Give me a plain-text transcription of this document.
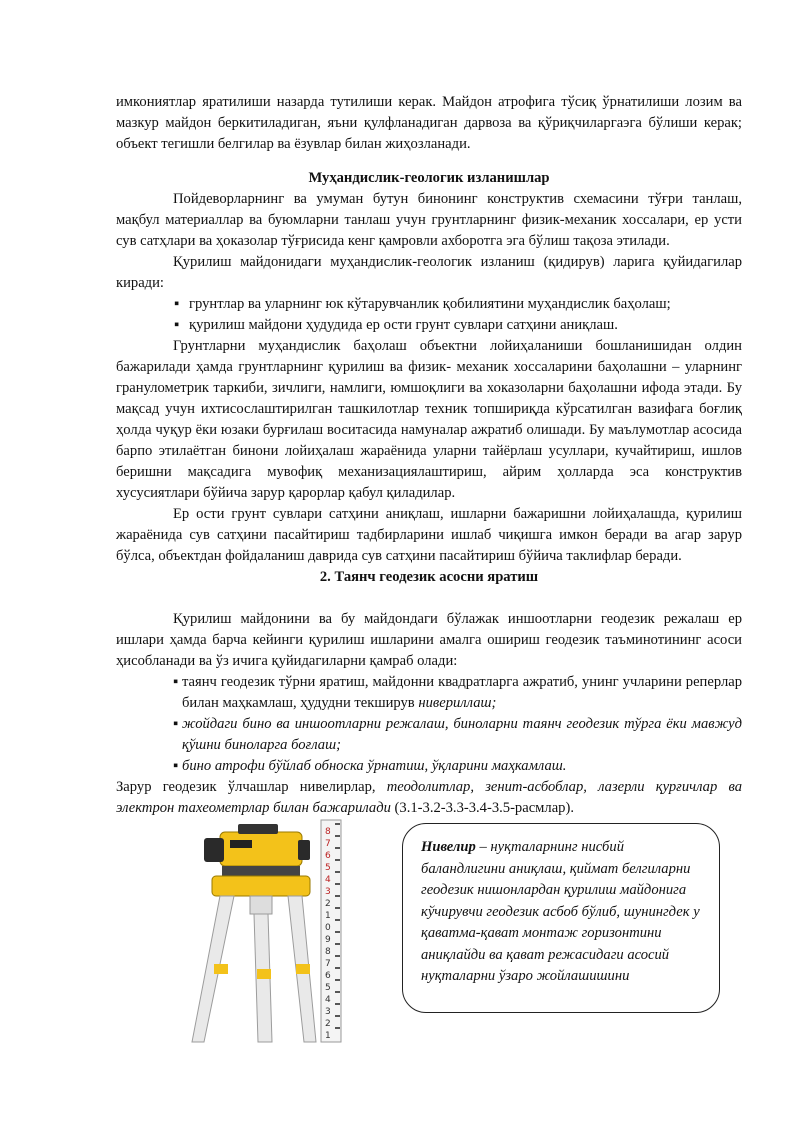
имкониятлар яратилиши назарда тутилиши керак. Майдон атрофига тўсиқ ўрнатилиши лозим ва мазкур майдон беркитиладиган, яъни қулфланадиган дарвоза ва қўриқчиларгаэга бўлиши керак; объект тегишли белгилар ва ёзувлар билан жиҳозланади.

Муҳандислик-геологик изланишлар

Пойдеворларнинг ва умуман бутун бинонинг конструктив схемасини тўғри танлаш, мақбул материаллар ва буюмларни танлаш учун грунтларнинг физик-механик хоссалари, ер усти сув сатҳлари ва ҳоказолар тўғрисида кенг қамровли ахборотга эга бўлиш тақоза этилади.

Қурилиш майдонидаги муҳандислик-геологик изланиш (қидирув) ларига қуйидагилар киради:

▪ грунтлар ва уларнинг юк кўтарувчанлик қобилиятини муҳандислик баҳолаш;
▪ қурилиш майдони ҳудудида ер ости грунт сувлари сатҳини аниқлаш.

Грунтларни муҳандислик баҳолаш объектни лойиҳаланиши бошланишидан олдин бажарилади ҳамда грунтларнинг қурилиш ва физик- механик хоссаларини баҳолашни – уларнинг гранулометрик таркиби, зичлиги, намлиги, юмшоқлиги ва хоказоларни баҳолашни ифода этади. Бу мақсад учун ихтисослаштирилган ташкилотлар техник топшириқда кўрсатилган вазифага боғлиқ ҳолда чуқур ёки юзаки бурғилаш воситасида намуналар ажратиб олишади. Бу маълумотлар асосида барпо этилаётган бинони лойиҳалаш жараёнида уларни тайёрлаш усуллари, кучайтириш, ишлов беришни мақсадига мувофиқ механизациялаштириш, айрим ҳолларда эса конструктив хусусиятлари бўйича зарур қарорлар қабул қиладилар.

Ер ости грунт сувлари сатҳини аниқлаш, ишларни бажаришни лойиҳалашда, қурилиш жараёнида сув сатҳини пасайтириш тадбирларини ишлаб чиқишга имкон беради ва агар зарур бўлса, объектдан фойдаланиш даврида сув сатҳини пасайтириш бўйича таклифлар беради.

2. Таянч геодезик асосни яратиш

Қурилиш майдонини ва бу майдондаги бўлажак иншоотларни геодезик режалаш ер ишлари ҳамда барча кейинги қурилиш ишларини амалга ошириш геодезик таъминотининг асоси ҳисобланади ва ўз ичига қуйидагиларни қамраб олади:

▪ таянч геодезик тўрни яратиш, майдонни квадратларга ажратиб, унинг учларини реперлар билан маҳкамлаш, ҳудудни текширув нивериллаш;
▪ жойдаги бино ва иншоотларни режалаш, биноларни таянч геодезик тўрга ёки мавжуд қўшни биноларга боғлаш;
▪ бино атрофи бўйлаб обноска ўрнатиш, ўқларини маҳкамлаш.

Зарур геодезик ўлчашлар нивелирлар, теодолитлар, зенит-асбоблар, лазерли қурғичлар ва электрон тахеометрлар билан бажарилади (3.1-3.2-3.3-3.4-3.5-расмлар).

8
7
6
5
4
3
2
1
0
9
8
7
6
5
4
3
2
1
Нивелир – нуқталарнинг нисбий баландлигини аниқлаш, қиймат белгиларни геодезик нишонлардан қурилиш майдонига кўчирувчи геодезик асбоб бўлиб, шунингдек у қаватма-қават монтаж горизонтини аниқлайди ва қават режасидаги асосий нуқталарни ўзаро жойлашишини
